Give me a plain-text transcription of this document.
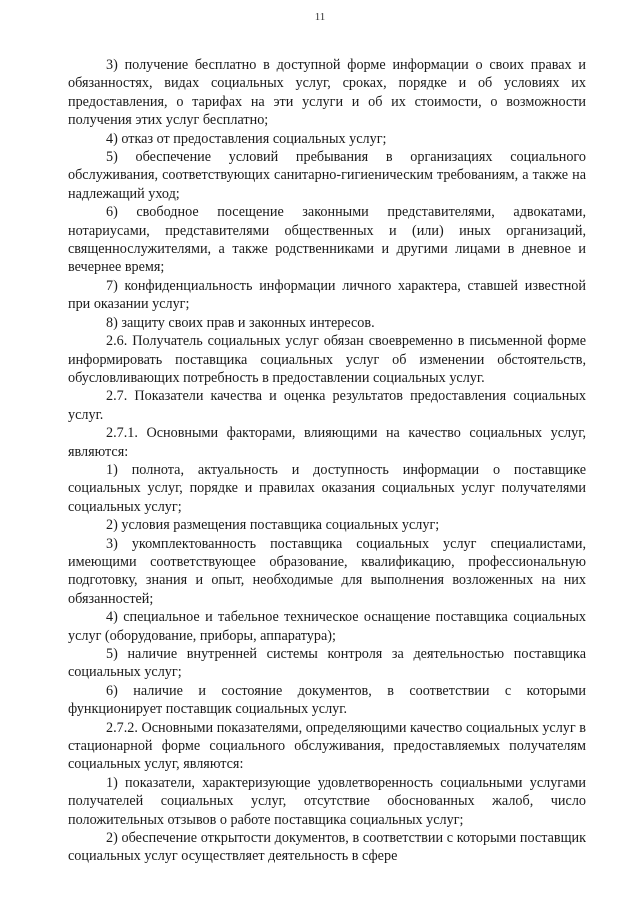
11

3) получение бесплатно в доступной форме информации о своих правах и обязанностях, видах социальных услуг, сроках, порядке и об условиях их предоставления, о тарифах на эти услуги и об их стоимости, о возможности получения этих услуг бесплатно;

4) отказ от предоставления социальных услуг;

5) обеспечение условий пребывания в организациях социального обслуживания, соответствующих санитарно-гигиеническим требованиям, а также на надлежащий уход;

6) свободное посещение законными представителями, адвокатами, нотариусами, представителями общественных и (или) иных организаций, священнослужителями, а также родственниками и другими лицами в дневное и вечернее время;

7) конфиденциальность информации личного характера, ставшей известной при оказании услуг;

8) защиту своих прав и законных интересов.

2.6. Получатель социальных услуг обязан своевременно в письменной форме информировать поставщика социальных услуг об изменении обстоятельств, обусловливающих потребность в предоставлении социальных услуг.

2.7. Показатели качества и оценка результатов предоставления социальных услуг.

2.7.1. Основными факторами, влияющими на качество социальных услуг, являются:

1) полнота, актуальность и доступность информации о поставщике социальных услуг, порядке и правилах оказания социальных услуг получателями социальных услуг;

2) условия размещения поставщика социальных услуг;

3) укомплектованность поставщика социальных услуг специалистами, имеющими соответствующее образование, квалификацию, профессиональную подготовку, знания и опыт, необходимые для выполнения возложенных на них обязанностей;

4) специальное и табельное техническое оснащение поставщика социальных услуг (оборудование, приборы, аппаратура);

5) наличие внутренней системы контроля за деятельностью поставщика социальных услуг;

6) наличие и состояние документов, в соответствии с которыми функционирует поставщик социальных услуг.

2.7.2. Основными показателями, определяющими качество социальных услуг в стационарной форме социального обслуживания, предоставляемых получателям социальных услуг, являются:

1) показатели, характеризующие удовлетворенность социальными услугами получателей социальных услуг, отсутствие обоснованных жалоб, число положительных отзывов о работе поставщика социальных услуг;

2) обеспечение открытости документов, в соответствии с которыми поставщик социальных услуг осуществляет деятельность в сфере
